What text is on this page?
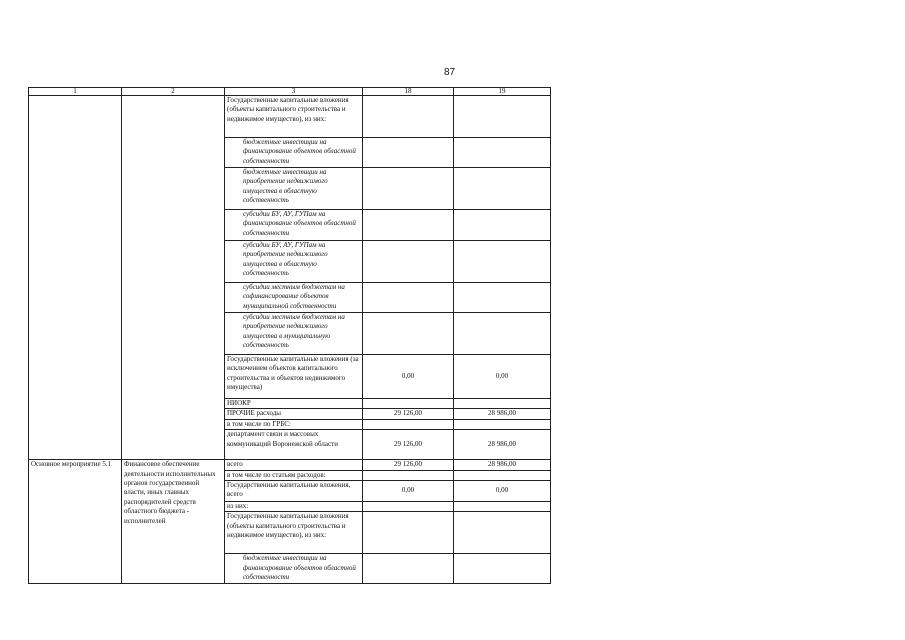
87
1	2	3	18	19
		Государственные капитальные вложения (объекты капитального строительства и недвижимое имущество), из них:		
		бюджетные инвестиции на финансирование объектов областной собственности		
		бюджетные инвестиции на приобретение недвижимого имущества в областную собственность		
		субсидии БУ, АУ, ГУПам на финансирование объектов областной собственности		
		субсидии БУ, АУ, ГУПам на приобретение недвижимого имущества в областную собственность		
		субсидии местным бюджетам на софинансирование объектов муниципальной собственности		
		субсидии местным бюджетам на приобретение недвижимого имущества в муниципальную собственность		
		Государственные капитальные вложения (за исключением объектов капитального строительства и объектов недвижимого имущества)	0,00	0,00
		НИОКР		
		ПРОЧИЕ расходы	29 126,00	28 986,00
		в том числе по ГРБС:		
		департамент связи и массовых коммуникаций Воронежской области	29 126,00	28 986,00
Основное мероприятие 5.1	Финансовое обеспечение деятельности исполнительных органов государственной власти, иных главных распорядителей средств областного бюджета - исполнителей	всего	29 126,00	28 986,00
		в том числе по статьям расходов:		
		Государственные капитальные вложения, всего	0,00	0,00
		из них:		
		Государственные капитальные вложения (объекты капитального строительства и недвижимое имущество), из них:		
		бюджетные инвестиции на финансирование объектов областной собственности		
